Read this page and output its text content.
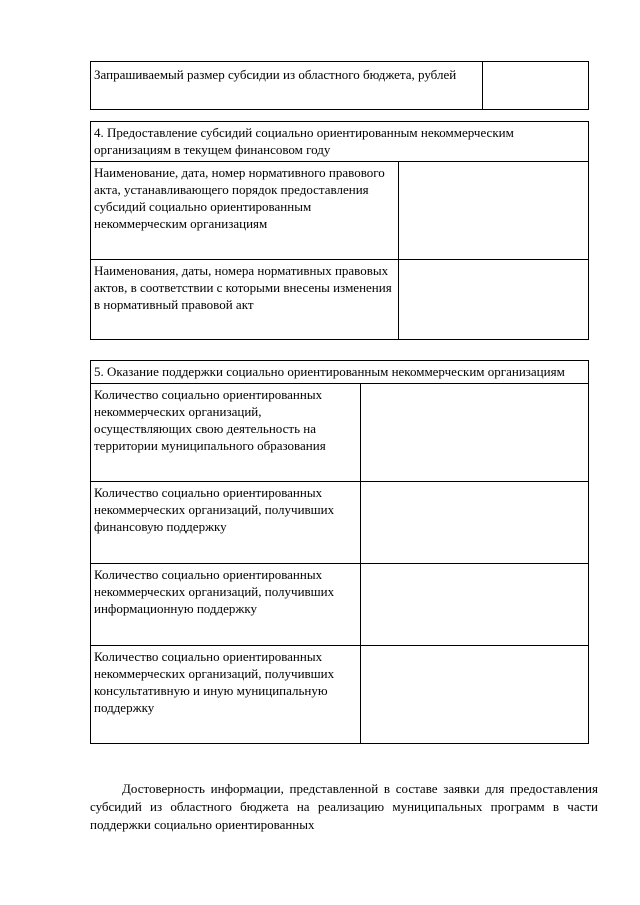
Запрашиваемый размер субсидии из областного бюджета, рублей	
4. Предоставление субсидий социально ориентированным некоммерческим организациям в текущем финансовом году	
Наименование, дата, номер нормативного правового акта, устанавливающего порядок предоставления субсидий социально ориентированным некоммерческим организациям	
Наименования, даты, номера нормативных правовых актов, в соответствии с которыми внесены изменения в нормативный правовой акт	
5. Оказание поддержки социально ориентированным некоммерческим организациям	
Количество социально ориентированных некоммерческих организаций, осуществляющих свою деятельность на территории муниципального образования	
Количество социально ориентированных некоммерческих организаций, получивших финансовую поддержку	
Количество социально ориентированных некоммерческих организаций, получивших информационную поддержку	
Количество социально ориентированных некоммерческих организаций, получивших консультативную и иную муниципальную поддержку	
Достоверность информации, представленной в составе заявки для предоставления субсидий из областного бюджета на реализацию муниципальных программ в части поддержки социально ориентированных
